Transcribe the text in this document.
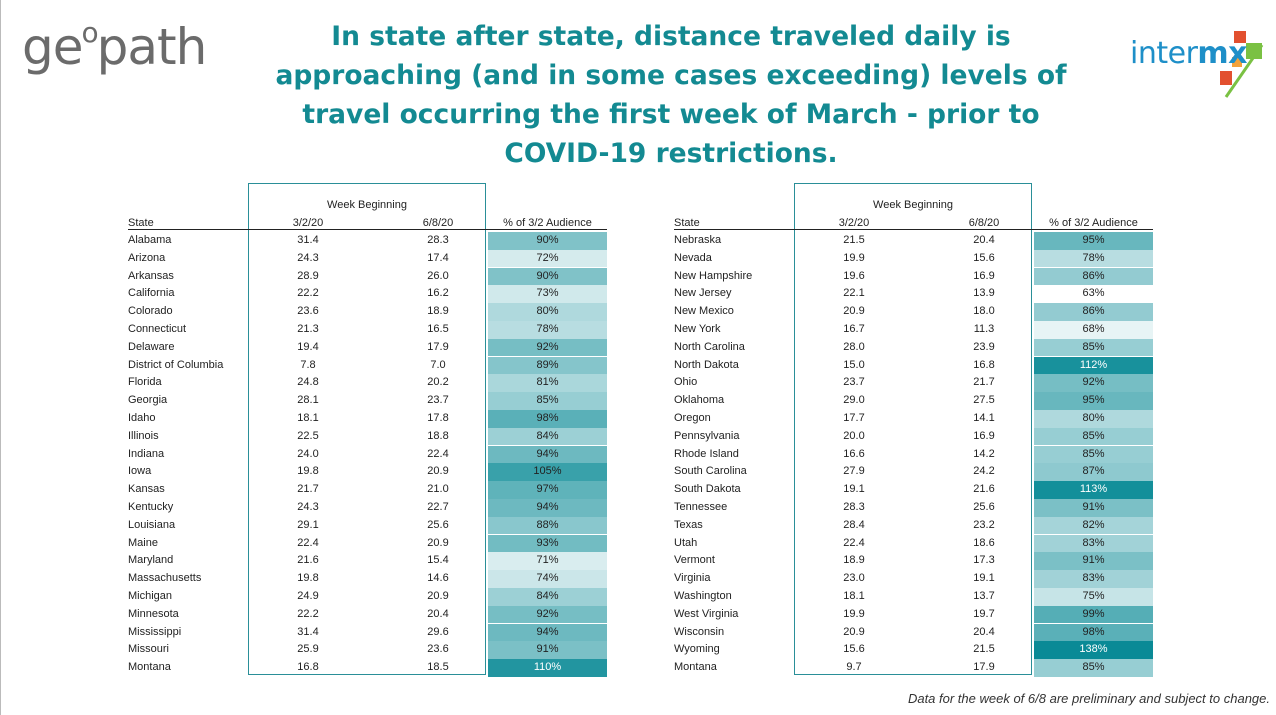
$ge^opath$	In state after state, distance traveled daily is approaching (and in some cases exceeding) levels of travel occurring the first week of March - prior to COVID-19 restrictions.
intermx
Week Beginning
State	3/2/20	6/8/20	% of 3/2 Audience
Alabama	31.4	28.3	90%
Arizona	24.3	17.4	72%
Arkansas	28.9	26.0	90%
California	22.2	16.2	73%
Colorado	23.6	18.9	80%
Connecticut	21.3	16.5	78%
Delaware	19.4	17.9	92%
District of Columbia	7.8	7.0	89%
Florida	24.8	20.2	81%
Georgia	28.1	23.7	85%
Idaho	18.1	17.8	98%
Illinois	22.5	18.8	84%
Indiana	24.0	22.4	94%
Iowa	19.8	20.9	105%
Kansas	21.7	21.0	97%
Kentucky	24.3	22.7	94%
Louisiana	29.1	25.6	88%
Maine	22.4	20.9	93%
Maryland	21.6	15.4	71%
Massachusetts	19.8	14.6	74%
Michigan	24.9	20.9	84%
Minnesota	22.2	20.4	92%
Mississippi	31.4	29.6	94%
Missouri	25.9	23.6	91%
Montana	16.8	18.5	110%
Week Beginning
State	3/2/20	6/8/20	% of 3/2 Audience
Nebraska	21.5	20.4	95%
Nevada	19.9	15.6	78%
New Hampshire	19.6	16.9	86%
New Jersey	22.1	13.9	63%
New Mexico	20.9	18.0	86%
New York	16.7	11.3	68%
North Carolina	28.0	23.9	85%
North Dakota	15.0	16.8	112%
Ohio	23.7	21.7	92%
Oklahoma	29.0	27.5	95%
Oregon	17.7	14.1	80%
Pennsylvania	20.0	16.9	85%
Rhode Island	16.6	14.2	85%
South Carolina	27.9	24.2	87%
South Dakota	19.1	21.6	113%
Tennessee	28.3	25.6	91%
Texas	28.4	23.2	82%
Utah	22.4	18.6	83%
Vermont	18.9	17.3	91%
Virginia	23.0	19.1	83%
Washington	18.1	13.7	75%
West Virginia	19.9	19.7	99%
Wisconsin	20.9	20.4	98%
Wyoming	15.6	21.5	138%
Montana	9.7	17.9	85%
Data for the week of 6/8 are preliminary and subject to change.
